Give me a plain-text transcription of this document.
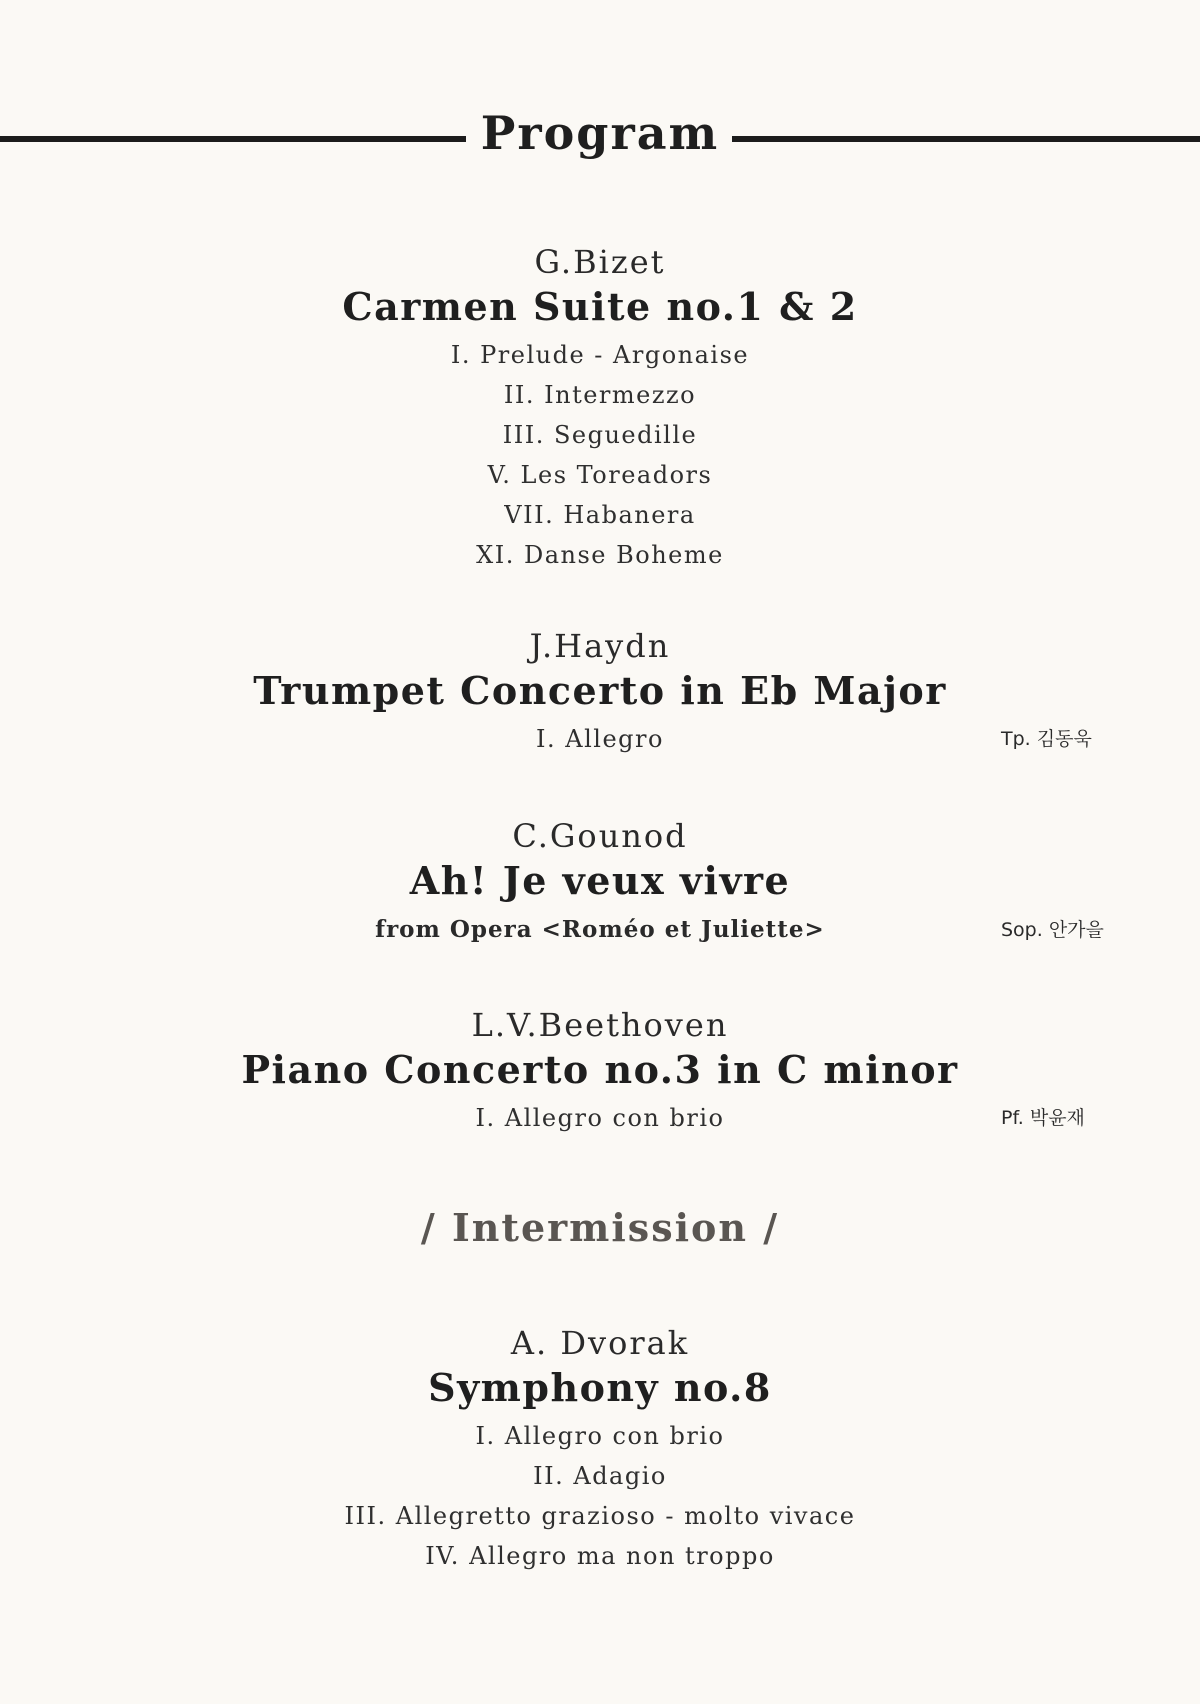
Program
G.Bizet
Carmen Suite no.1 & 2
I. Prelude - Argonaise
II. Intermezzo
III. Seguedille
V. Les Toreadors
VII. Habanera
XI. Danse Boheme
J.Haydn
Trumpet Concerto in Eb Major
I. Allegro	Tp. 김동욱
C.Gounod
Ah! Je veux vivre
from Opera <Roméo et Juliette>	Sop. 안가을
L.V.Beethoven
Piano Concerto no.3 in C minor
I. Allegro con brio	Pf. 박윤재
/ Intermission /
A. Dvorak
Symphony no.8
I. Allegro con brio
II. Adagio
III. Allegretto grazioso - molto vivace
IV. Allegro ma non troppo
